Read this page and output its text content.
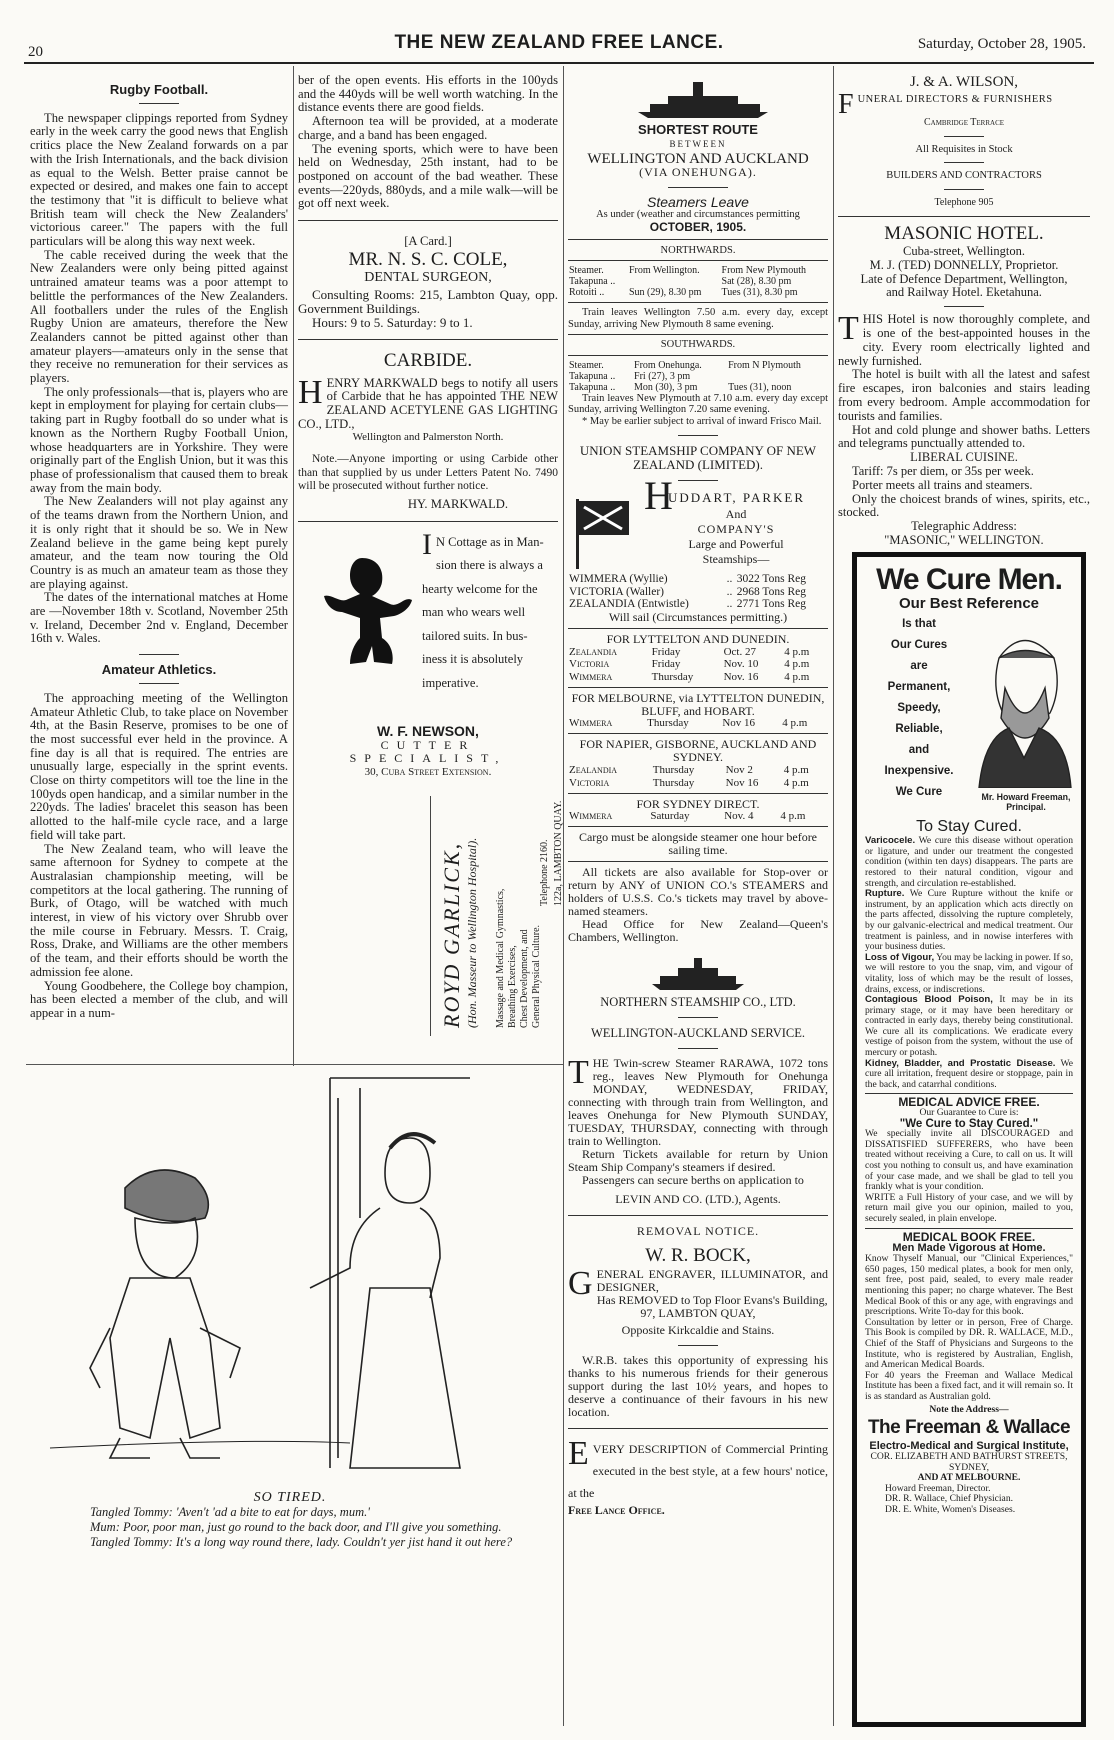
20	THE NEW ZEALAND FREE LANCE.	Saturday, October 28, 1905.
Rugby Football.

The newspaper clippings reported from Sydney early in the week carry the good news that English critics place the New Zealand forwards on a par with the Irish Internationals, and the back division as equal to the Welsh. Better praise cannot be expected or desired, and makes one fain to accept the testimony that "it is difficult to believe what British team will check the New Zealanders' victorious career." The papers with the full particulars will be along this way next week.

The cable received during the week that the New Zealanders were only being pitted against untrained amateur teams was a poor attempt to belittle the performances of the New Zealanders. All footballers under the rules of the English Rugby Union are amateurs, therefore the New Zealanders cannot be pitted against other than amateur players—amateurs only in the sense that they receive no remuneration for their services as players.

The only professionals—that is, players who are kept in employment for playing for certain clubs—taking part in Rugby football do so under what is known as the Northern Rugby Football Union, whose headquarters are in Yorkshire. They were originally part of the English Union, but it was this phase of professionalism that caused them to break away from the main body.

The New Zealanders will not play against any of the teams drawn from the Northern Union, and it is only right that it should be so. We in New Zealand believe in the game being kept purely amateur, and the team now touring the Old Country is as much an amateur team as those they are playing against.

The dates of the international matches at Home are —November 18th v. Scotland, November 25th v. Ireland, December 2nd v. England, December 16th v. Wales.

Amateur Athletics.

The approaching meeting of the Wellington Amateur Athletic Club, to take place on November 4th, at the Basin Reserve, promises to be one of the most successful ever held in the province. A fine day is all that is required. The entries are unusually large, especially in the sprint events. Close on thirty competitors will toe the line in the 100yds open handicap, and a similar number in the 220yds. The ladies' bracelet this season has been allotted to the half-mile cycle race, and a large field will take part.

The New Zealand team, who will leave the same afternoon for Sydney to compete at the Australasian championship meeting, will be competitors at the local gathering. The running of Burk, of Otago, will be watched with much interest, in view of his victory over Shrubb over the mile course in February. Messrs. T. Craig, Ross, Drake, and Williams are the other members of the team, and their efforts should be worth the admission fee alone.

Young Goodbehere, the College boy champion, has been elected a member of the club, and will appear in a num-

ber of the open events. His efforts in the 100yds and the 440yds will be well worth watching. In the distance events there are good fields.

Afternoon tea will be provided, at a moderate charge, and a band has been engaged.

The evening sports, which were to have been held on Wednesday, 25th instant, had to be postponed on account of the bad weather. These events—220yds, 880yds, and a mile walk—will be got off next week.

[A Card.]
MR. N. S. C. COLE,
DENTAL SURGEON,

Consulting Rooms: 215, Lambton Quay, opp. Government Buildings.

Hours: 9 to 5. Saturday: 9 to 1.

CARBIDE.

HENRY MARKWALD begs to notify all users of Carbide that he has appointed THE NEW ZEALAND ACETYLENE GAS LIGHTING CO., LTD.,

Wellington and Palmerston North.

Note.—Anyone importing or using Carbide other than that supplied by us under Letters Patent No. 7490 will be prosecuted without further notice.

HY. MARKWALD.
I N Cottage as in Man-
sion there is always a
hearty welcome for the
man who wears well
tailored suits. In bus-
iness it is absolutely
imperative.
W. F. NEWSON,
CUTTER SPECIALIST,
30, Cuba Street Extension.
ROYD GARLICK, (Hon. Masseur to Wellington Hospital). Massage and Medical Gymnastics, Breathing Exercises, Chest Development, and General Physical Culture.
Telephone 2160. 122a, LAMBTON QUAY.
SO TIRED.
Tangled Tommy: 'Aven't 'ad a bite to eat for days, mum.'
Mum: Poor, poor man, just go round to the back door, and I'll give you something.
Tangled Tommy: It's a long way round there, lady. Couldn't yer jist hand it out here?
SHORTEST ROUTE
BETWEEN
WELLINGTON AND AUCKLAND
(VIA ONEHUNGA).
Steamers Leave
As under (weather and circumstances permitting
OCTOBER, 1905.
NORTHWARDS.
Steamer.	From Wellington.	From New Plymouth
Takapuna ..		Sat (28), 8.30 pm
Rotoiti ..	Sun (29), 8.30 pm	Tues (31), 8.30 pm

Train leaves Wellington 7.50 a.m. every day, except Sunday, arriving New Plymouth 8 same evening.

SOUTHWARDS.
Steamer.	From Onehunga.	From N Plymouth
Takapuna ..	Fri (27), 3 pm	
Takapuna ..	Mon (30), 3 pm	Tues (31), noon

Train leaves New Plymouth at 7.10 a.m. every day except Sunday, arriving Wellington 7.20 same evening.

* May be earlier subject to arrival of inward Frisco Mail.

UNION STEAMSHIP COMPANY OF NEW ZEALAND (LIMITED).
H
UDDART, PARKER
And
COMPANY'S
Large and Powerful
Steamships—
WIMMERA (Wyllie)	..	3022 Tons Reg
VICTORIA (Waller)	..	2968 Tons Reg
ZEALANDIA (Entwistle)	..	2771 Tons Reg
Will sail (Circumstances permitting.)
FOR LYTTELTON AND DUNEDIN.
Zealandia	Friday	Oct. 27	4 p.m
Victoria	Friday	Nov. 10	4 p.m
Wimmera	Thursday	Nov. 16	4 p.m
FOR MELBOURNE, via LYTTELTON DUNEDIN, BLUFF, and HOBART.
Wimmera	Thursday	Nov 16	4 p.m
FOR NAPIER, GISBORNE, AUCKLAND AND SYDNEY.
Zealandia	Thursday	Nov 2	4 p.m
Victoria	Thursday	Nov 16	4 p.m
FOR SYDNEY DIRECT.
Wimmera	Saturday	Nov. 4	4 p.m
Cargo must be alongside steamer one hour before sailing time.

All tickets are also available for Stop-over or return by ANY of UNION CO.'s STEAMERS and holders of U.S.S. Co.'s tickets may travel by above-named steamers.

Head Office for New Zealand—Queen's Chambers, Wellington.

NORTHERN STEAMSHIP CO., LTD.
WELLINGTON-AUCKLAND SERVICE.

THE Twin-screw Steamer RARAWA, 1072 tons reg., leaves New Plymouth for Onehunga MONDAY, WEDNESDAY, FRIDAY, connecting with through train from Wellington, and leaves Onehunga for New Plymouth SUNDAY, TUESDAY, THURSDAY, connecting with through train to Wellington.

Return Tickets available for return by Union Steam Ship Company's steamers if desired.

Passengers can secure berths on application to

LEVIN AND CO. (LTD.), Agents.
REMOVAL NOTICE.
W. R. BOCK,

GENERAL ENGRAVER, ILLUMINATOR, and DESIGNER,

Has REMOVED to Top Floor Evans's Building, 97, LAMBTON QUAY,

Opposite Kirkcaldie and Stains.

W.R.B. takes this opportunity of expressing his thanks to his numerous friends for their generous support during the last 10½ years, and hopes to deserve a continuance of their favours in his new location.

EVERY DESCRIPTION of Commercial Printing executed in the best style, at a few hours' notice, at the

Free Lance Office.
J. & A. WILSON,
FUNERAL DIRECTORS & FURNISHERS
Cambridge Terrace
All Requisites in Stock
BUILDERS AND CONTRACTORS
Telephone 905
MASONIC HOTEL.
Cuba-street, Wellington.
M. J. (TED) DONNELLY, Proprietor.
Late of Defence Department, Wellington, and Railway Hotel. Eketahuna.

THIS Hotel is now thoroughly complete, and is one of the best-appointed houses in the city. Every room electrically lighted and newly furnished.

The hotel is built with all the latest and safest fire escapes, iron balconies and stairs leading from every bedroom. Ample accommodation for tourists and families.

Hot and cold plunge and shower baths. Letters and telegrams punctually attended to.

LIBERAL CUISINE.

Tariff: 7s per diem, or 35s per week.

Porter meets all trains and steamers.

Only the choicest brands of wines, spirits, etc., stocked.

Telegraphic Address:
"MASONIC," WELLINGTON.
We Cure Men.
Our Best Reference
Is that
Our Cures
are
Permanent,
Speedy,
Reliable,
and
Inexpensive.
We Cure	Mr. Howard Freeman, Principal.
To Stay Cured.

Varicocele. We cure this disease without operation or ligature, and under our treatment the congested condition (within ten days) disappears. The parts are restored to their natural condition, vigour and strength, and circulation re-established.

Rupture. We Cure Rupture without the knife or instrument, by an application which acts directly on the parts affected, dissolving the rupture completely, by our galvanic-electrical and medical treatment. Our treatment is painless, and in nowise interferes with your business duties.

Loss of Vigour, You may be lacking in power. If so, we will restore to you the snap, vim, and vigour of vitality, loss of which may be the result of losses, drains, excess, or indiscretions.

Contagious Blood Poison, It may be in its primary stage, or it may have been hereditary or contracted in early days, thereby being constitutional. We cure all its complications. We eradicate every vestige of poison from the system, without the use of mercury or potash.

Kidney, Bladder, and Prostatic Disease. We cure all irritation, frequent desire or stoppage, pain in the back, and catarrhal conditions.

MEDICAL ADVICE FREE.
Our Guarantee to Cure is:
"We Cure to Stay Cured."

We specially invite all DISCOURAGED and DISSATISFIED SUFFERERS, who have been treated without receiving a Cure, to call on us. It will cost you nothing to consult us, and have examination of your case made, and we shall be glad to tell you frankly what is your condition.

WRITE a Full History of your case, and we will by return mail give you our opinion, mailed to you, securely sealed, in plain envelope.

MEDICAL BOOK FREE.
Men Made Vigorous at Home.

Know Thyself Manual, our "Clinical Experiences," 650 pages, 150 medical plates, a book for men only, sent free, post paid, sealed, to every male reader mentioning this paper; no charge whatever. The Best Medical Book of this or any age, with engravings and prescriptions. Write To-day for this book.

Consultation by letter or in person, Free of Charge. This Book is compiled by DR. R. WALLACE, M.D., Chief of the Staff of Physicians and Surgeons to the Institute, who is registered by Australian, English, and American Medical Boards.

For 40 years the Freeman and Wallace Medical Institute has been a fixed fact, and it will remain so. It is as standard as Australian gold.

Note the Address—
The Freeman & Wallace
Electro-Medical and Surgical Institute,
COR. ELIZABETH AND BATHURST STREETS, SYDNEY,
AND AT MELBOURNE.
Howard Freeman, Director.
DR. R. Wallace, Chief Physician.
DR. E. White, Women's Diseases.
